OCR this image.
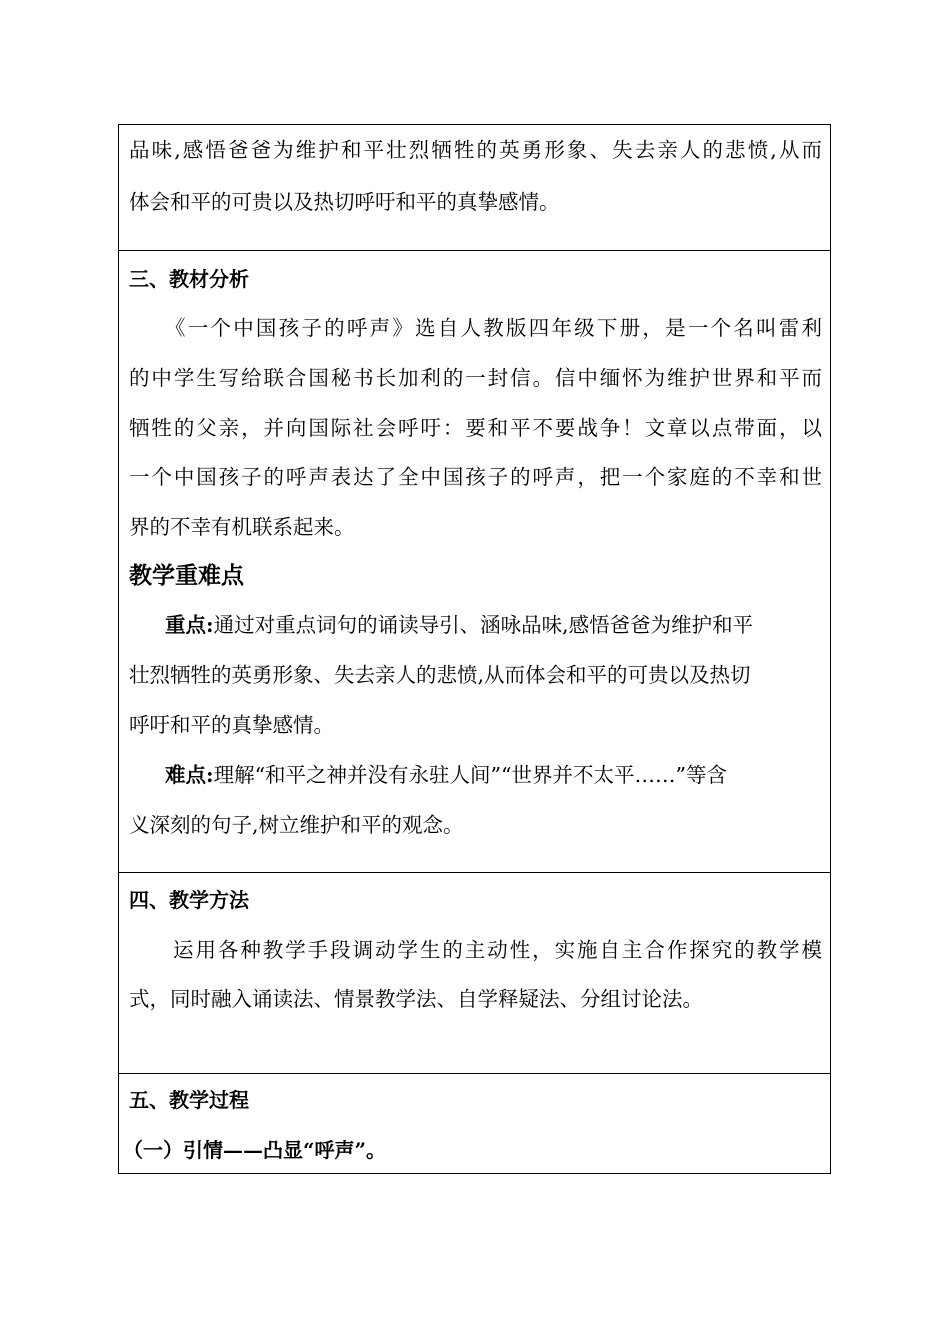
品味,感悟爸爸为维护和平壮烈牺牲的英勇形象、失去亲人的悲愤,从而
体会和平的可贵以及热切呼吁和平的真挚感情。
三、教材分析
《一个中国孩子的呼声》选自人教版四年级下册，是一个名叫雷利
的中学生写给联合国秘书长加利的一封信。信中缅怀为维护世界和平而
牺牲的父亲，并向国际社会呼吁：要和平不要战争！文章以点带面，以
一个中国孩子的呼声表达了全中国孩子的呼声，把一个家庭的不幸和世
界的不幸有机联系起来。
教学重难点
重点:通过对重点词句的诵读导引、涵咏品味,感悟爸爸为维护和平
壮烈牺牲的英勇形象、失去亲人的悲愤,从而体会和平的可贵以及热切
呼吁和平的真挚感情。
难点:理解“和平之神并没有永驻人间”“世界并不太平……”等含
义深刻的句子,树立维护和平的观念。
四、教学方法
运用各种教学手段调动学生的主动性，实施自主合作探究的教学模
式，同时融入诵读法、情景教学法、自学释疑法、分组讨论法。
五、教学过程
（一）引情——凸显“呼声”。
